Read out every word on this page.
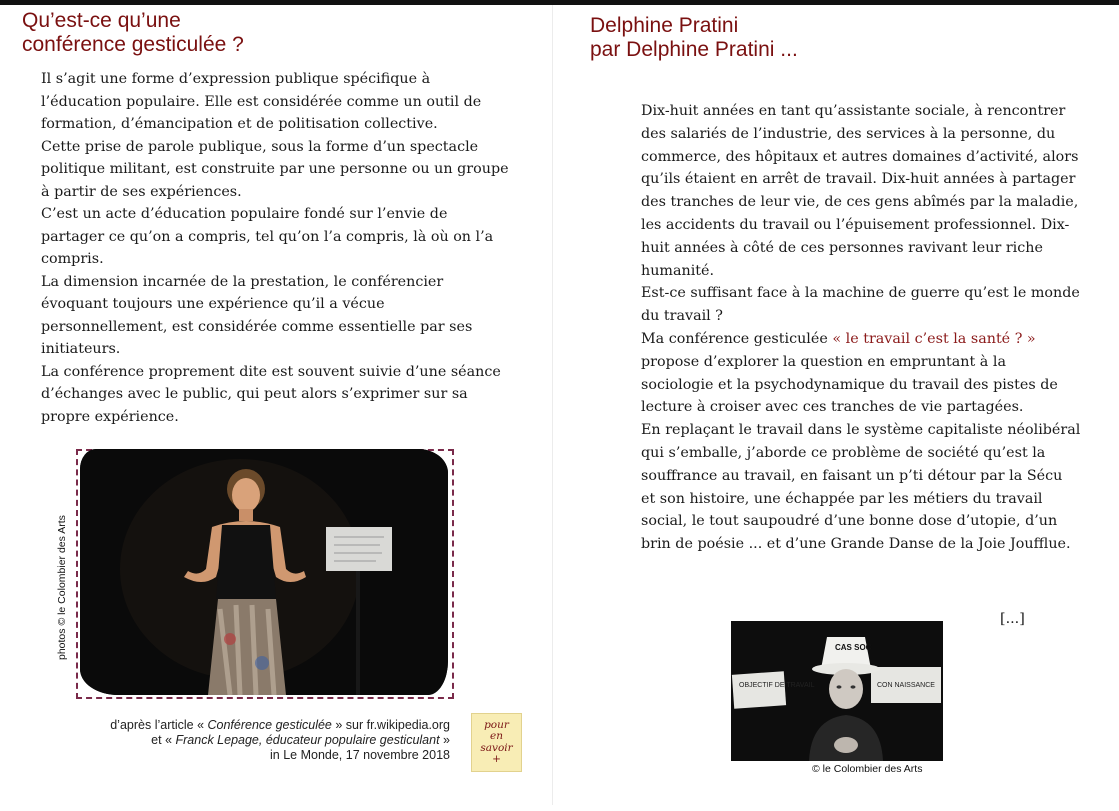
Qu’est-ce qu’une
conférence gesticulée ?

Il s’agit une forme d’expression publique spécifique à l’éducation populaire. Elle est considérée comme un outil de formation, d’émancipation et de politisation collective.

Cette prise de parole publique, sous la forme d’un spectacle politique militant, est construite par une personne ou un groupe à partir de ses expériences.

C’est un acte d’éducation populaire fondé sur l’envie de partager ce qu’on a compris, tel qu’on l’a compris, là où on l’a compris.

La dimension incarnée de la prestation, le conférencier évoquant toujours une expérience qu’il a vécue personnellement, est considérée comme essentielle par ses initiateurs.

La conférence proprement dite est souvent suivie d’une séance d’échanges avec le public, qui peut alors s’exprimer sur sa propre expérience.

photos © le Colombier des Arts
d’après l’article « Conférence gesticulée » sur fr.wikipedia.org
et « Franck Lepage, éducateur populaire gesticulant »
in Le Monde, 17 novembre 2018
pour
en
savoir
+
Delphine Pratini
par Delphine Pratini ...

Dix-huit années en tant qu’assistante sociale, à rencontrer des salariés de l’industrie, des services à la personne, du commerce, des hôpitaux et autres domaines d’activité, alors qu’ils étaient en arrêt de travail. Dix-huit années à partager des tranches de leur vie, de ces gens abîmés par la maladie, les accidents du travail ou l’épuisement professionnel. Dix-huit années à côté de ces personnes ravivant leur riche humanité.

Est-ce suffisant face à la machine de guerre qu’est le monde du travail ?

Ma conférence gesticulée « le travail c’est la santé ? » propose d’explorer la question en empruntant à la sociologie et la psychodynamique du travail des pistes de lecture à croiser avec ces tranches de vie partagées.

En replaçant le travail dans le système capitaliste néolibéral qui s’emballe, j’aborde ce problème de société qu’est la souffrance au travail, en faisant un p’ti détour par la Sécu et son histoire, une échappée par les métiers du travail social, le tout saupoudré d’une bonne dose d’utopie, d’un brin de poésie ... et d’une Grande Danse de la Joie Joufflue.

[...]
OBJECTIF DE TRAVAIL	CON NAISSANCE
CAS SOC
© le Colombier des Arts
